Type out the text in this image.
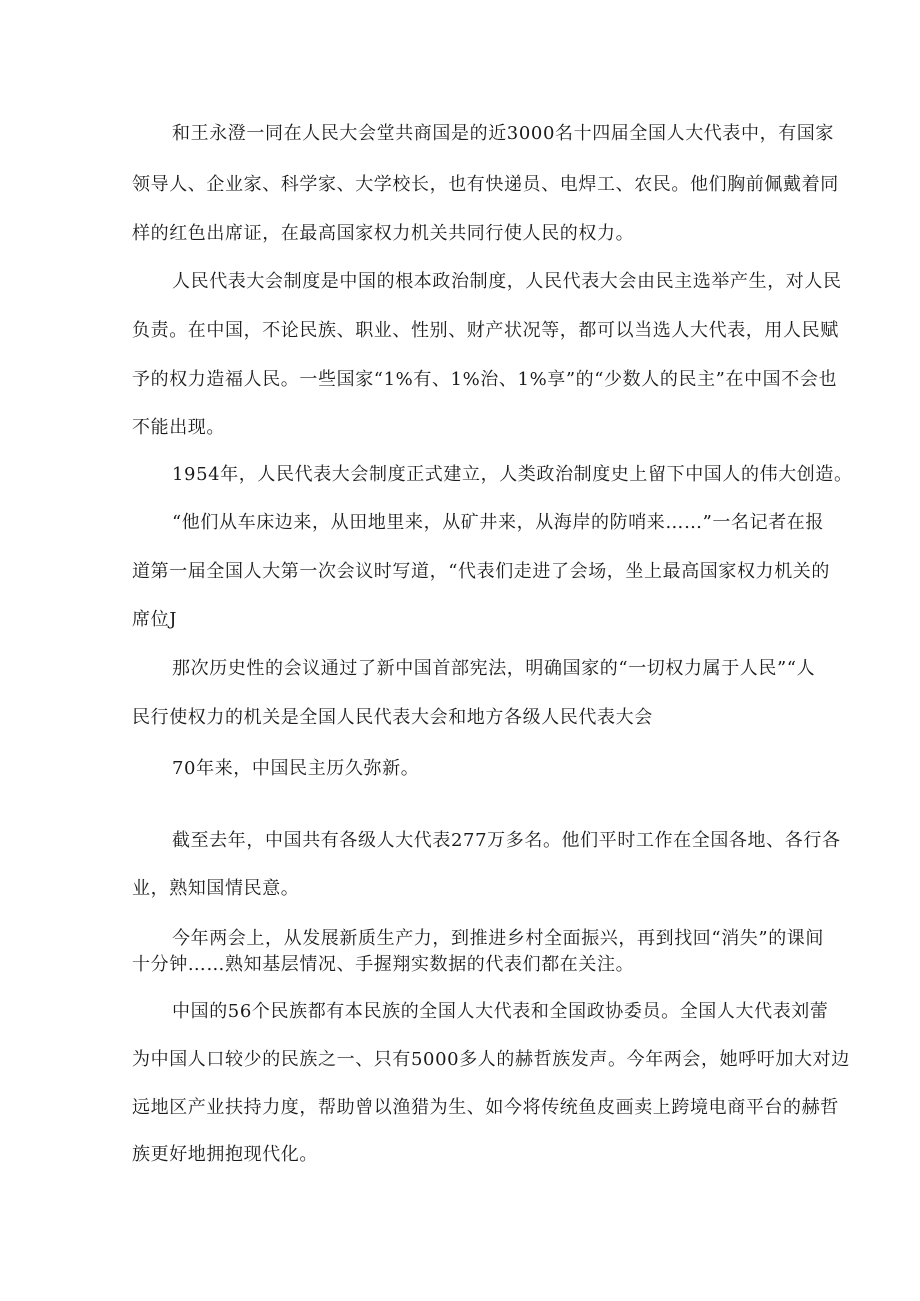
和王永澄一同在人民大会堂共商国是的近3000名十四届全国人大代表中，有国家
领导人、企业家、科学家、大学校长，也有快递员、电焊工、农民。他们胸前佩戴着同
样的红色出席证，在最高国家权力机关共同行使人民的权力。
人民代表大会制度是中国的根本政治制度，人民代表大会由民主选举产生，对人民
负责。在中国，不论民族、职业、性别、财产状况等，都可以当选人大代表，用人民赋
予的权力造福人民。一些国家“1%有、1%治、1%享”的“少数人的民主”在中国不会也
不能出现。
1954年，人民代表大会制度正式建立，人类政治制度史上留下中国人的伟大创造。
“他们从车床边来，从田地里来，从矿井来，从海岸的防哨来……”一名记者在报
道第一届全国人大第一次会议时写道，“代表们走进了会场，坐上最高国家权力机关的
席位J
那次历史性的会议通过了新中国首部宪法，明确国家的“一切权力属于人民”“人
民行使权力的机关是全国人民代表大会和地方各级人民代表大会
70年来，中国民主历久弥新。
截至去年，中国共有各级人大代表277万多名。他们平时工作在全国各地、各行各
业，熟知国情民意。
今年两会上，从发展新质生产力，到推进乡村全面振兴，再到找回“消失”的课间
十分钟……熟知基层情况、手握翔实数据的代表们都在关注。
中国的56个民族都有本民族的全国人大代表和全国政协委员。全国人大代表刘蕾
为中国人口较少的民族之一、只有5000多人的赫哲族发声。今年两会，她呼吁加大对边
远地区产业扶持力度，帮助曾以渔猎为生、如今将传统鱼皮画卖上跨境电商平台的赫哲
族更好地拥抱现代化。
